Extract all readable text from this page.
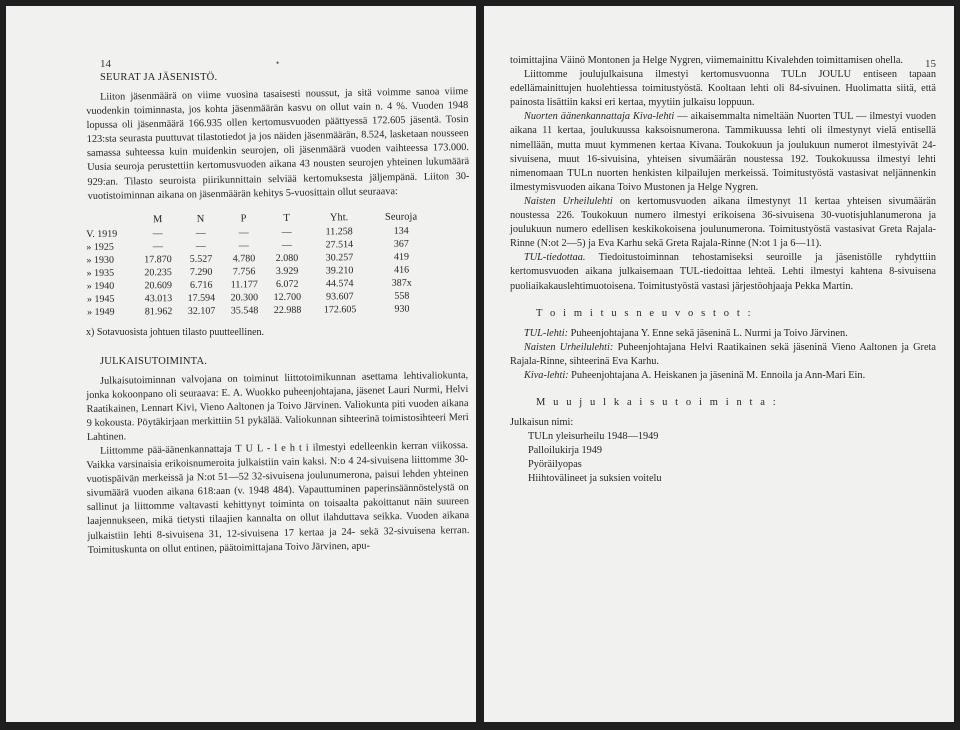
14	•
SEURAT JA JÄSENISTÖ.

Liiton jäsenmäärä on viime vuosina tasaisesti noussut, ja sitä voimme sanoa viime vuodenkin toiminnasta, jos kohta jäsenmäärän kasvu on ollut vain n. 4 %. Vuoden 1948 lopussa oli jäsenmäärä 166.935 ollen kertomusvuoden päättyessä 172.605 jäsentä. Tosin 123:sta seurasta puuttuvat tilastotiedot ja jos näiden jäsenmäärän, 8.524, lasketaan nousseen samassa suhteessa kuin muidenkin seurojen, oli jäsenmäärä vuoden vaihteessa 173.000. Uusia seuroja perustettiin kertomusvuoden aikana 43 nousten seurojen yhteinen lukumäärä 929:an. Tilasto seuroista piirikunnittain selviää kertomuksesta jäljempänä. Liiton 30-vuotistoiminnan aikana on jäsenmäärän kehitys 5-vuosittain ollut seuraava:

	M	N	P	T	Yht.	Seuroja
V. 1919	—	—	—	—	11.258	134
» 1925	—	—	—	—	27.514	367
» 1930	17.870	5.527	4.780	2.080	30.257	419
» 1935	20.235	7.290	7.756	3.929	39.210	416
» 1940	20.609	6.716	11.177	6.072	44.574	387x
» 1945	43.013	17.594	20.300	12.700	93.607	558
» 1949	81.962	32.107	35.548	22.988	172.605	930
x) Sotavuosista johtuen tilasto puutteellinen.
JULKAISUTOIMINTA.

Julkaisutoiminnan valvojana on toiminut liittotoimikunnan asettama lehtivaliokunta, jonka kokoonpano oli seuraava: E. A. Wuokko puheenjohtajana, jäsenet Lauri Nurmi, Helvi Raatikainen, Lennart Kivi, Vieno Aaltonen ja Toivo Järvinen. Valiokunta piti vuoden aikana 9 kokousta. Pöytäkirjaan merkittiin 51 pykälää. Valiokunnan sihteerinä toimistosihteeri Meri Lahtinen.

Liittomme pää-äänenkannattaja T U L - l e h t i ilmestyi edelleenkin kerran viikossa. Vaikka varsinaisia erikoisnumeroita julkaistiin vain kaksi. N:o 4 24-sivuisena liittomme 30-vuotispäivän merkeissä ja N:ot 51—52 32-sivuisena joulunumerona, paisui lehden yhteinen sivumäärä vuoden aikana 618:aan (v. 1948 484). Vapauttuminen paperinsäännöstelystä on sallinut ja liittomme valtavasti kehittynyt toiminta on toisaalta pakoittanut näin suureen laajennukseen, mikä tietysti tilaajien kannalta on ollut ilahduttava seikka. Vuoden aikana julkaistiin lehti 8-sivuisena 31, 12-sivuisena 17 kertaa ja 24- sekä 32-sivuisena kerran. Toimituskunta on ollut entinen, päätoimittajana Toivo Järvinen, apu-

15

toimittajina Väinö Montonen ja Helge Nygren, viimemainittu Kivalehden toimittamisen ohella.

Liittomme joulujulkaisuna ilmestyi kertomusvuonna TULn JOULU entiseen tapaan edellämainittujen huolehtiessa toimitustyöstä. Kooltaan lehti oli 84-sivuinen. Huolimatta siitä, että painosta lisättiin kaksi eri kertaa, myytiin julkaisu loppuun.

Nuorten äänenkannattaja Kiva-lehti — aikaisemmalta nimeltään Nuorten TUL — ilmestyi vuoden aikana 11 kertaa, joulukuussa kaksoisnumerona. Tammikuussa lehti oli ilmestynyt vielä entisellä nimellään, mutta muut kymmenen kertaa Kivana. Toukokuun ja joulukuun numerot ilmestyivät 24-sivuisena, muut 16-sivuisina, yhteisen sivumäärän noustessa 192. Toukokuussa ilmestyi lehti nimenomaan TULn nuorten henkisten kilpailujen merkeissä. Toimitustyöstä vastasivat neljännenkin ilmestymisvuoden aikana Toivo Mustonen ja Helge Nygren.

Naisten Urheilulehti on kertomusvuoden aikana ilmestynyt 11 kertaa yhteisen sivumäärän noustessa 226. Toukokuun numero ilmestyi erikoisena 36-sivuisena 30-vuotisjuhlanumerona ja joulukuun numero edellisen keskikokoisena joulunumerona. Toimitustyöstä vastasivat Greta Rajala-Rinne (N:ot 2—5) ja Eva Karhu sekä Greta Rajala-Rinne (N:ot 1 ja 6—11).

TUL-tiedottaa. Tiedoitustoiminnan tehostamiseksi seuroille ja jäsenistölle ryhdyttiin kertomusvuoden aikana julkaisemaan TUL-tiedoittaa lehteä. Lehti ilmestyi kahtena 8-sivuisena puoliaikakauslehtimuotoisena. Toimitustyöstä vastasi järjestöohjaaja Pekka Martin.

T o i m i t u s n e u v o s t o t :

TUL-lehti: Puheenjohtajana Y. Enne sekä jäseninä L. Nurmi ja Toivo Järvinen.

Naisten Urheilulehti: Puheenjohtajana Helvi Raatikainen sekä jäseninä Vieno Aaltonen ja Greta Rajala-Rinne, sihteerinä Eva Karhu.

Kiva-lehti: Puheenjohtajana A. Heiskanen ja jäseninä M. Ennoila ja Ann-Mari Ein.

M u u j u l k a i s u t o i m i n t a :
Julkaisun nimi:
TULn yleisurheilu 1948—1949
Palloilukirja 1949
Pyöräilyopas
Hiihtovälineet ja suksien voitelu
